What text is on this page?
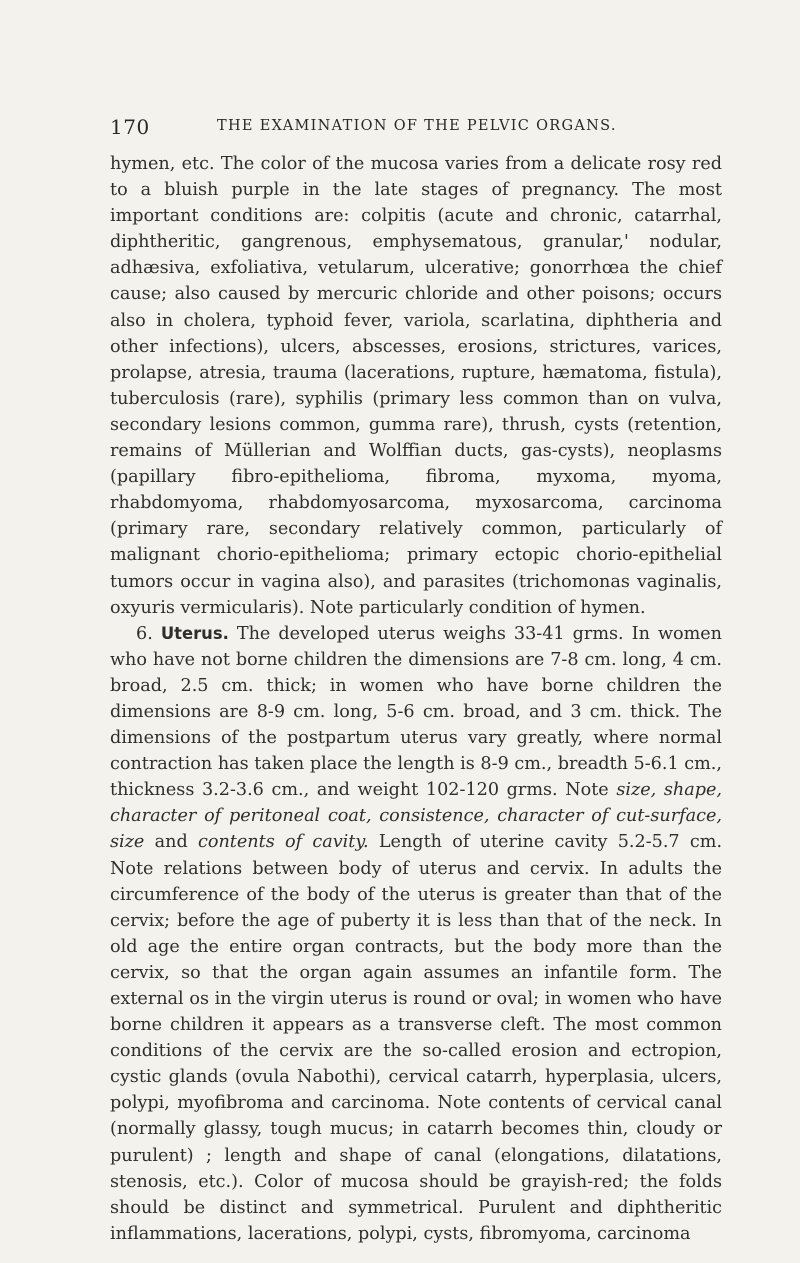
170	THE EXAMINATION OF THE PELVIC ORGANS.

hymen, etc. The color of the mucosa varies from a delicate rosy red to a bluish purple in the late stages of pregnancy. The most important conditions are: colpitis (acute and chronic, catarrhal, diphtheritic, gangrenous, emphysematous, granular,' nodular, adhæsiva, exfoliativa, vetularum, ulcerative; gonorrhœa the chief cause; also caused by mercuric chloride and other poisons; occurs also in cholera, typhoid fever, variola, scarlatina, diphtheria and other infections), ulcers, abscesses, erosions, strictures, varices, prolapse, atresia, trauma (lacerations, rupture, hæmatoma, fistula), tuberculosis (rare), syphilis (primary less common than on vulva, secondary lesions common, gumma rare), thrush, cysts (retention, remains of Müllerian and Wolffian ducts, gas-cysts), neoplasms (papillary fibro-epithelioma, fibroma, myxoma, myoma, rhabdomyoma, rhabdomyosarcoma, myxosarcoma, carcinoma (primary rare, secondary relatively common, particularly of malignant chorio-epithelioma; primary ectopic chorio-epithelial tumors occur in vagina also), and parasites (trichomonas vaginalis, oxyuris vermicularis). Note particularly condition of hymen.

6. Uterus. The developed uterus weighs 33-41 grms. In women who have not borne children the dimensions are 7-8 cm. long, 4 cm. broad, 2.5 cm. thick; in women who have borne children the dimensions are 8-9 cm. long, 5-6 cm. broad, and 3 cm. thick. The dimensions of the postpartum uterus vary greatly, where normal contraction has taken place the length is 8-9 cm., breadth 5-6.1 cm., thickness 3.2-3.6 cm., and weight 102-120 grms. Note size, shape, character of peritoneal coat, consistence, character of cut-surface, size and contents of cavity. Length of uterine cavity 5.2-5.7 cm. Note relations between body of uterus and cervix. In adults the circumference of the body of the uterus is greater than that of the cervix; before the age of puberty it is less than that of the neck. In old age the entire organ contracts, but the body more than the cervix, so that the organ again assumes an infantile form. The external os in the virgin uterus is round or oval; in women who have borne children it appears as a transverse cleft. The most common conditions of the cervix are the so-called erosion and ectropion, cystic glands (ovula Nabothi), cervical catarrh, hyperplasia, ulcers, polypi, myofibroma and carcinoma. Note contents of cervical canal (normally glassy, tough mucus; in catarrh becomes thin, cloudy or purulent) ; length and shape of canal (elongations, dilatations, stenosis, etc.). Color of mucosa should be grayish-red; the folds should be distinct and symmetrical. Purulent and diphtheritic inflammations, lacerations, polypi, cysts, fibromyoma, carcinoma
